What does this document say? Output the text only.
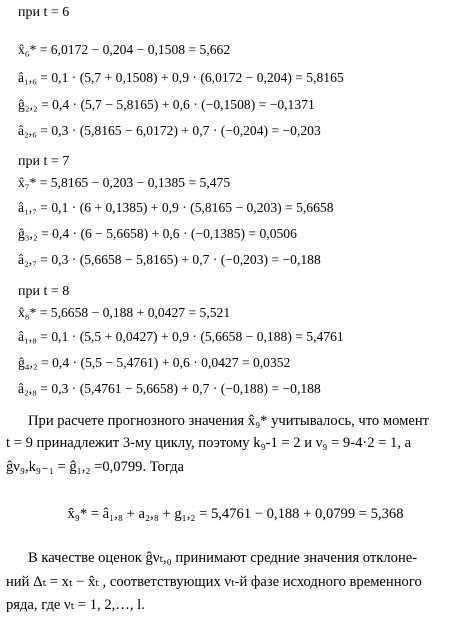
при t = 6
x̂₆* = 6,0172 − 0,204 − 0,1508 = 5,662
â₁,₆ = 0,1 · (5,7 + 0,1508) + 0,9 · (6,0172 − 0,204) = 5,8165
ĝ₂,₂ = 0,4 · (5,7 − 5,8165) + 0,6 · (−0,1508) = −0,1371
â₂,₆ = 0,3 · (5,8165 − 6,0172) + 0,7 · (−0,204) = −0,203
при t = 7
x̂₇* = 5,8165 − 0,203 − 0,1385 = 5,475
â₁,₇ = 0,1 · (6 + 0,1385) + 0,9 · (5,8165 − 0,203) = 5,6658
ĝ₃,₂ = 0,4 · (6 − 5,6658) + 0,6 · (−0,1385) = 0,0506
â₂,₇ = 0,3 · (5,6658 − 5,8165) + 0,7 · (−0,203) = −0,188
при t = 8
x̂₈* = 5,6658 − 0,188 + 0,0427 = 5,521
â₁,₈ = 0,1 · (5,5 + 0,0427) + 0,9 · (5,6658 − 0,188) = 5,4761
ĝ₄,₂ = 0,4 · (5,5 − 5,4761) + 0,6 · 0,0427 = 0,0352
â₂,₈ = 0,3 · (5,4761 − 5,6658) + 0,7 · (−0,188) = −0,188
При расчете прогнозного значения x̂₉* учитывалось, что момент
t = 9 принадлежит 3-му циклу, поэтому k₉-1 = 2 и ν₉ = 9-4·2 = 1, а
ĝν₉,k₉₋₁ = ĝ₁,₂ =0,0799. Тогда
x̂₉* = â₁,₈ + a₂,₈ + g₁,₂ = 5,4761 − 0,188 + 0,0799 = 5,368
В качестве оценок ĝνₜ,₀ принимают средние значения отклоне-
ний Δₜ = xₜ − x̂ₜ , соответствующих νₜ-й фазе исходного временного
ряда, где νₜ = 1, 2,…, l.
